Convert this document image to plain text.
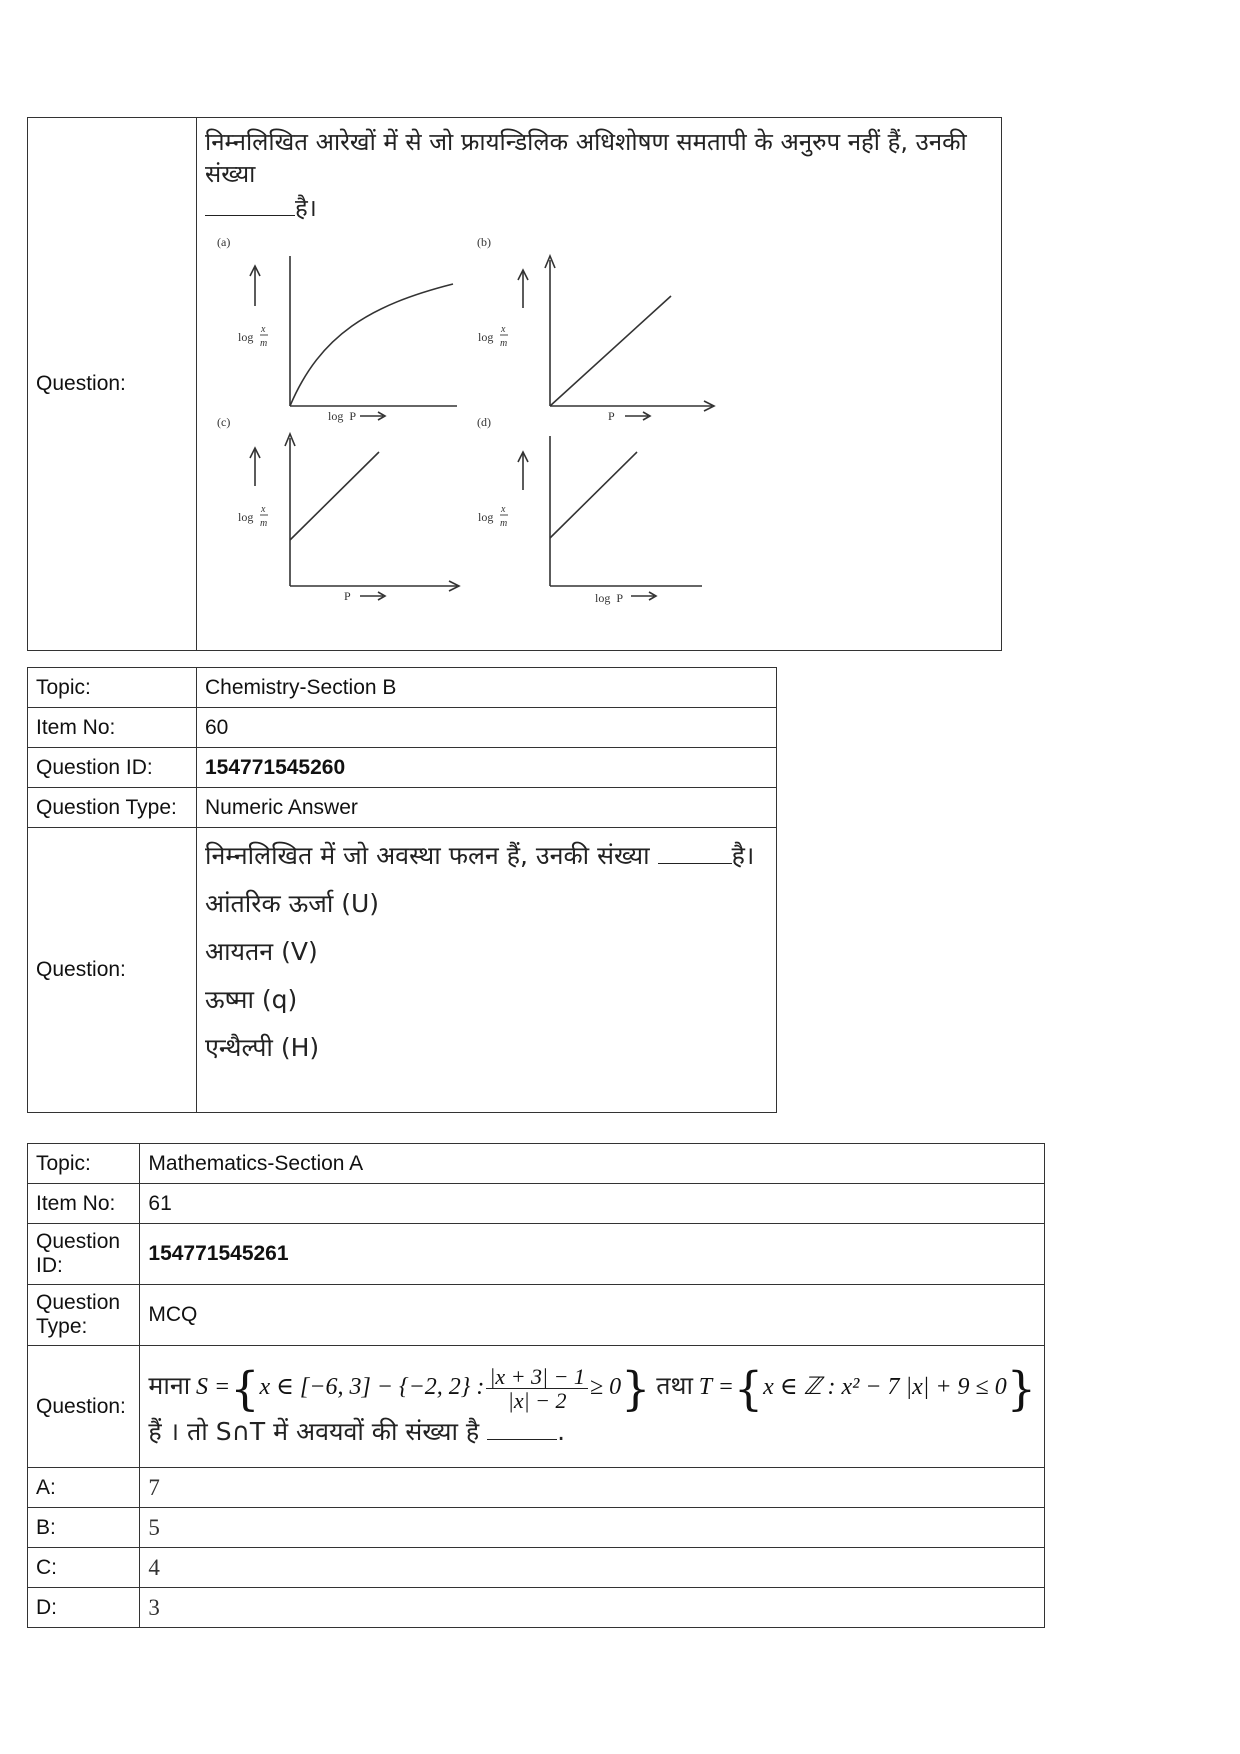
Question:	
निम्नलिखित आरेखों में से जो फ्रायन्डिलिक अधिशोषण समतापी के अनुरुप नहीं हैं, उनकी संख्या
है।
(a)	(b)
(c)	(d)
log
x
m
log  P
log
x
m
P
log
x
m
P
log
x
m
log  P
Topic:	Chemistry-Section B
Item No:	60
Question ID:	154771545260
Question Type:	Numeric Answer
Question:	निम्नलिखित में जो अवस्था फलन हैं, उनकी संख्या है।
आंतरिक ऊर्जा (U)
आयतन (V)
ऊष्मा (q)
एन्थैल्पी (H)
Topic:	Mathematics-Section A
Item No:	61
Question ID:	154771545261
Question Type:	MCQ
Question:	माना S ={x ∈ [−6, 3] − {−2, 2} : $\frac{|x + 3| - 1}{|x| - 2} \ge 0$} तथा T ={x ∈ ℤ : x² − 7 |x| + 9 ≤ 0}
हैं । तो S∩T में अवयवों की संख्या है .

A:	7
B:	5
C:	4
D:	3
